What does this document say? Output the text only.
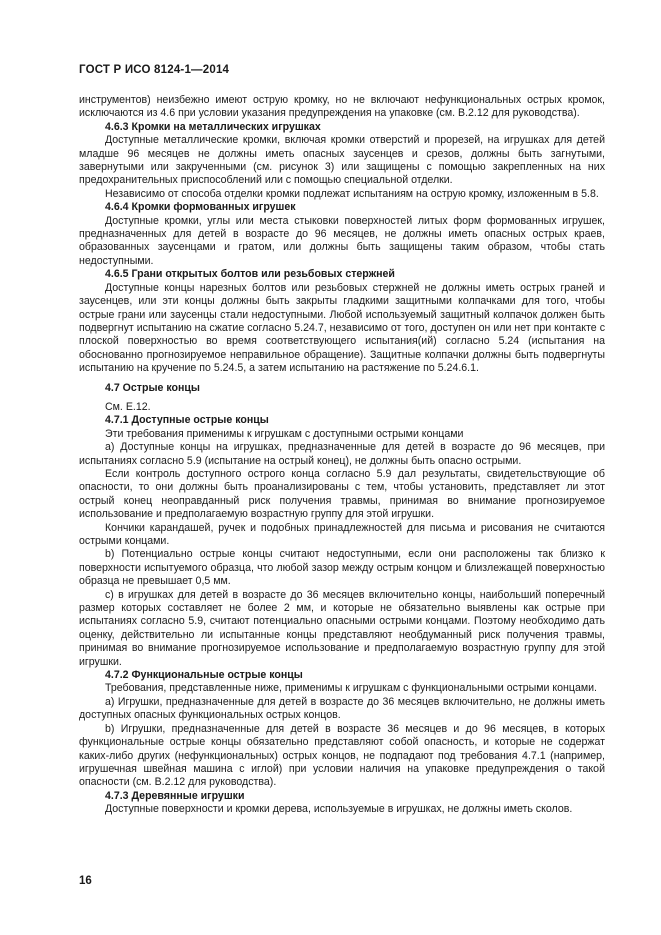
ГОСТ Р ИСО 8124-1—2014

инструментов) неизбежно имеют острую кромку, но не включают нефункциональных острых кромок, исключаются из 4.6 при условии указания предупреждения на упаковке (см. В.2.12 для руководства).

4.6.3 Кромки на металлических игрушках

Доступные металлические кромки, включая кромки отверстий и прорезей, на игрушках для детей младше 96 месяцев не должны иметь опасных заусенцев и срезов, должны быть загнутыми, завернутыми или закрученными (см. рисунок 3) или защищены с помощью закрепленных на них предохранительных приспособлений или с помощью специальной отделки.

Независимо от способа отделки кромки подлежат испытаниям на острую кромку, изложенным в 5.8.

4.6.4 Кромки формованных игрушек

Доступные кромки, углы или места стыковки поверхностей литых форм формованных игрушек, предназначенных для детей в возрасте до 96 месяцев, не должны иметь опасных острых краев, образованных заусенцами и гратом, или должны быть защищены таким образом, чтобы стать недоступными.

4.6.5 Грани открытых болтов или резьбовых стержней

Доступные концы нарезных болтов или резьбовых стержней не должны иметь острых граней и заусенцев, или эти концы должны быть закрыты гладкими защитными колпачками для того, чтобы острые грани или заусенцы стали недоступными. Любой используемый защитный колпачок должен быть подвергнут испытанию на сжатие согласно 5.24.7, независимо от того, доступен он или нет при контакте с плоской поверхностью во время соответствующего испытания(ий) согласно 5.24 (испытания на обоснованно прогнозируемое неправильное обращение). Защитные колпачки должны быть подвергнуты испытанию на кручение по 5.24.5, а затем испытанию на растяжение по 5.24.6.1.

4.7 Острые концы

См. Е.12.

4.7.1 Доступные острые концы

Эти требования применимы к игрушкам с доступными острыми концами

а) Доступные концы на игрушках, предназначенные для детей в возрасте до 96 месяцев, при испытаниях согласно 5.9 (испытание на острый конец), не должны быть опасно острыми.

Если контроль доступного острого конца согласно 5.9 дал результаты, свидетельствующие об опасности, то они должны быть проанализированы с тем, чтобы установить, представляет ли этот острый конец неоправданный риск получения травмы, принимая во внимание прогнозируемое использование и предполагаемую возрастную группу для этой игрушки.

Кончики карандашей, ручек и подобных принадлежностей для письма и рисования не считаются острыми концами.

b) Потенциально острые концы считают недоступными, если они расположены так близко к поверхности испытуемого образца, что любой зазор между острым концом и близлежащей поверхностью образца не превышает 0,5 мм.

с) в игрушках для детей в возрасте до 36 месяцев включительно концы, наибольший поперечный размер которых составляет не более 2 мм, и которые не обязательно выявлены как острые при испытаниях согласно 5.9, считают потенциально опасными острыми концами. Поэтому необходимо дать оценку, действительно ли испытанные концы представляют необдуманный риск получения травмы, принимая во внимание прогнозируемое использование и предполагаемую возрастную группу для этой игрушки.

4.7.2 Функциональные острые концы

Требования, представленные ниже, применимы к игрушкам с функциональными острыми концами.

а) Игрушки, предназначенные для детей в возрасте до 36 месяцев включительно, не должны иметь доступных опасных функциональных острых концов.

b) Игрушки, предназначенные для детей в возрасте 36 месяцев и до 96 месяцев, в которых функциональные острые концы обязательно представляют собой опасность, и которые не содержат каких-либо других (нефункциональных) острых концов, не подпадают под требования 4.7.1 (например, игрушечная швейная машина с иглой) при условии наличия на упаковке предупреждения о такой опасности (см. В.2.12 для руководства).

4.7.3 Деревянные игрушки

Доступные поверхности и кромки дерева, используемые в игрушках, не должны иметь сколов.

16
